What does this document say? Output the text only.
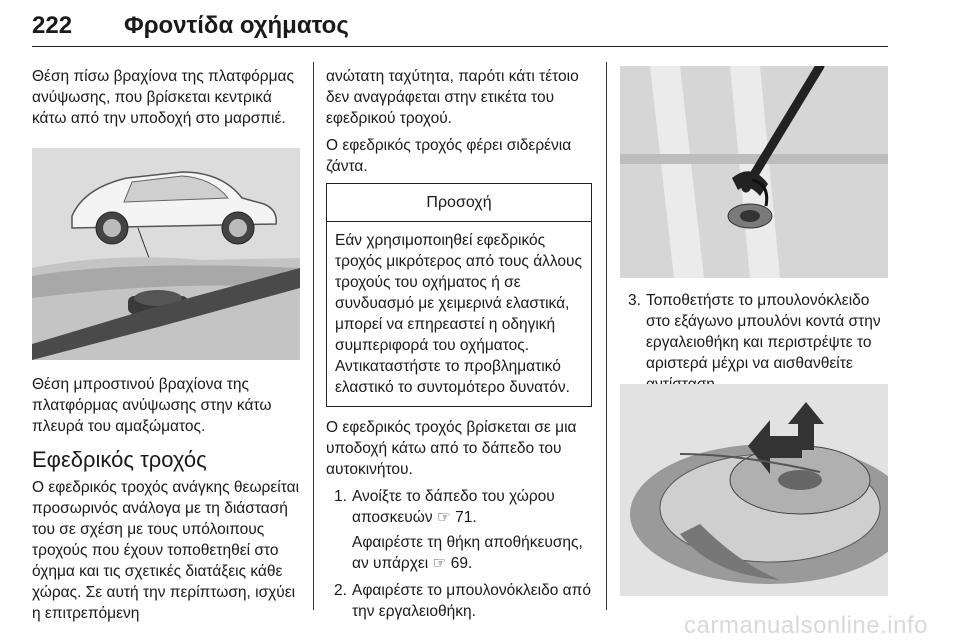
222 Φροντίδα οχήματος

Θέση πίσω βραχίονα της πλατφόρμας ανύψωσης, που βρίσκεται κεντρικά κάτω από την υποδοχή στο μαρσπιέ.

Θέση μπροστινού βραχίονα της πλατφόρμας ανύψωσης στην κάτω πλευρά του αμαξώματος.

Εφεδρικός τροχός

Ο εφεδρικός τροχός ανάγκης θεωρείται προσωρινός ανάλογα με τη διάστασή του σε σχέση με τους υπόλοιπους τροχούς που έχουν τοποθετηθεί στο όχημα και τις σχετικές διατάξεις κάθε χώρας. Σε αυτή την περίπτωση, ισχύει η επιτρεπόμενη

ανώτατη ταχύτητα, παρότι κάτι τέτοιο δεν αναγράφεται στην ετικέτα του εφεδρικού τροχού.

Ο εφεδρικός τροχός φέρει σιδερένια ζάντα.

Προσοχή
Εάν χρησιμοποιηθεί εφεδρικός τροχός μικρότερος από τους άλλους τροχούς του οχήματος ή σε συνδυασμό με χειμερινά ελαστικά, μπορεί να επηρεαστεί η οδηγική συμπεριφορά του οχήματος. Αντικαταστήστε το προβληματικό ελαστικό το συντομότερο δυνατόν.

Ο εφεδρικός τροχός βρίσκεται σε μια υποδοχή κάτω από το δάπεδο του αυτοκινήτου.

1. Ανοίξτε το δάπεδο του χώρου αποσκευών ☞ 71.
Αφαιρέστε τη θήκη αποθήκευσης, αν υπάρχει ☞ 69.
2. Αφαιρέστε το μπουλονόκλειδο από την εργαλειοθήκη.
3. Τοποθετήστε το μπουλονόκλειδο στο εξάγωνο μπουλόνι κοντά στην εργαλειοθήκη και περιστρέψτε το αριστερά μέχρι να αισθανθείτε
carmanualsonline.info
